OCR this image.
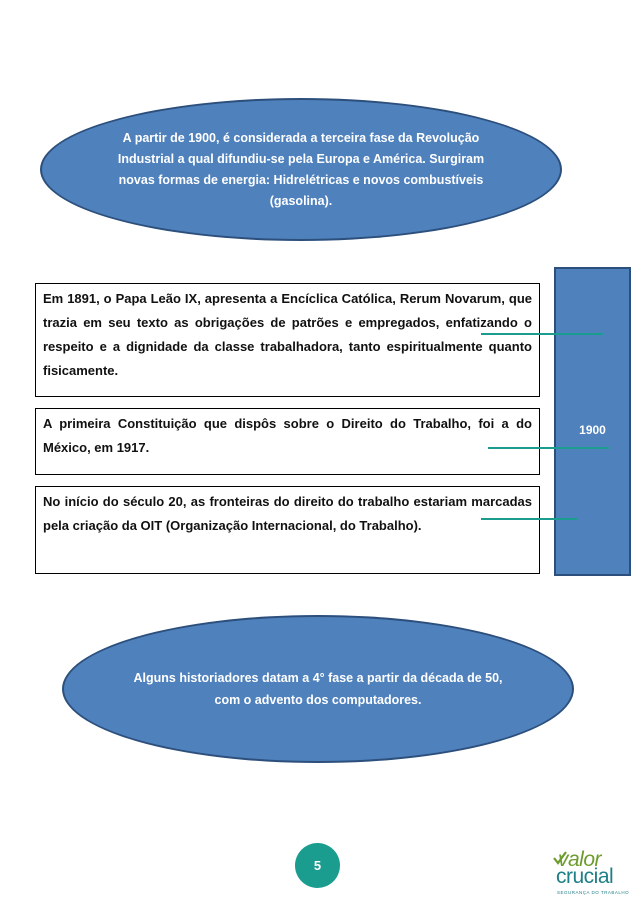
A partir de 1900, é considerada a terceira fase da Revolução Industrial a qual difundiu-se pela Europa e América. Surgiram novas formas de energia: Hidrelétricas e novos combustíveis (gasolina).
Em 1891, o Papa Leão IX, apresenta a Encíclica Católica, Rerum Novarum, que trazia em seu texto as obrigações de patrões e empregados, enfatizando o respeito e a dignidade da classe trabalhadora, tanto espiritualmente quanto fisicamente.
A primeira Constituição que dispôs sobre o Direito do Trabalho, foi a do México, em 1917.
No início do século 20, as fronteiras do direito do trabalho estariam marcadas pela criação da OIT (Organização Internacional, do Trabalho).
1900
Alguns historiadores datam a 4° fase a partir da década de 50, com o advento dos computadores.
5	valor
crucial
SEGURANÇA DO TRABALHO
